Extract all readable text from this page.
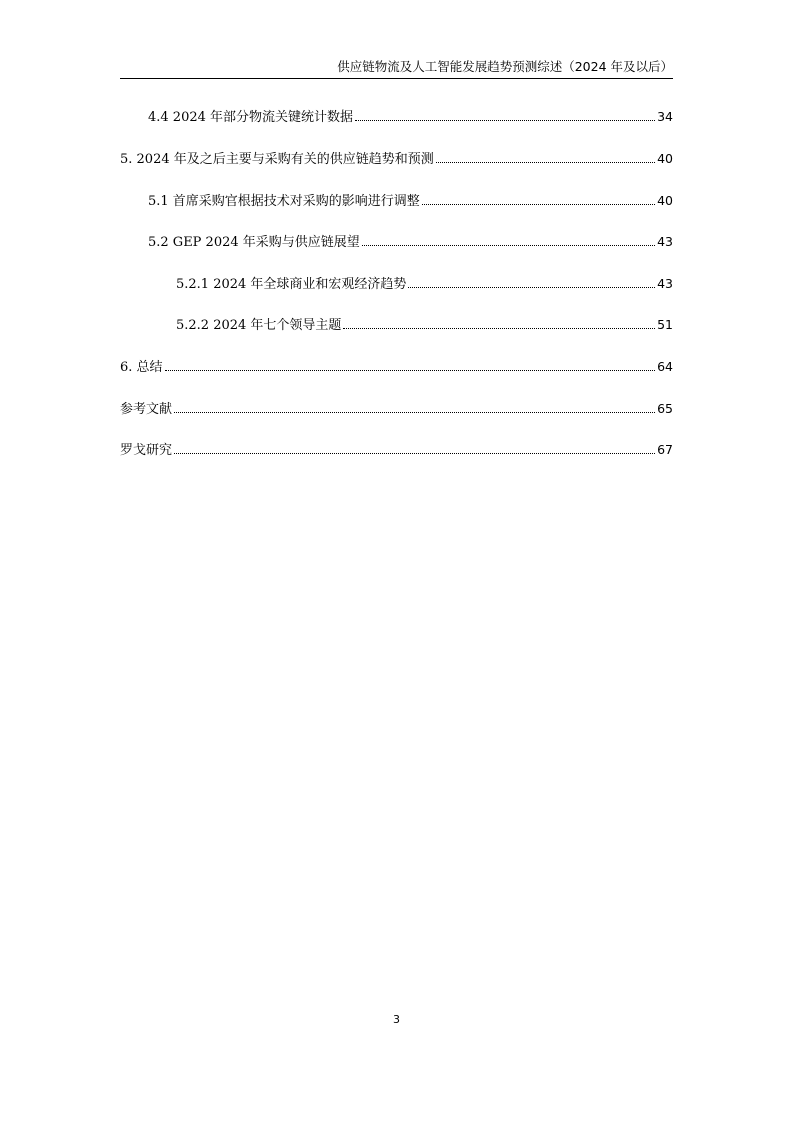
供应链物流及人工智能发展趋势预测综述（2024 年及以后）
4.4 2024 年部分物流关键统计数据	34
5. 2024 年及之后主要与采购有关的供应链趋势和预测	40
5.1 首席采购官根据技术对采购的影响进行调整	40
5.2 GEP 2024 年采购与供应链展望	43
5.2.1 2024 年全球商业和宏观经济趋势	43
5.2.2 2024 年七个领导主题	51
6. 总结	64
参考文献	65
罗戈研究	67
3
